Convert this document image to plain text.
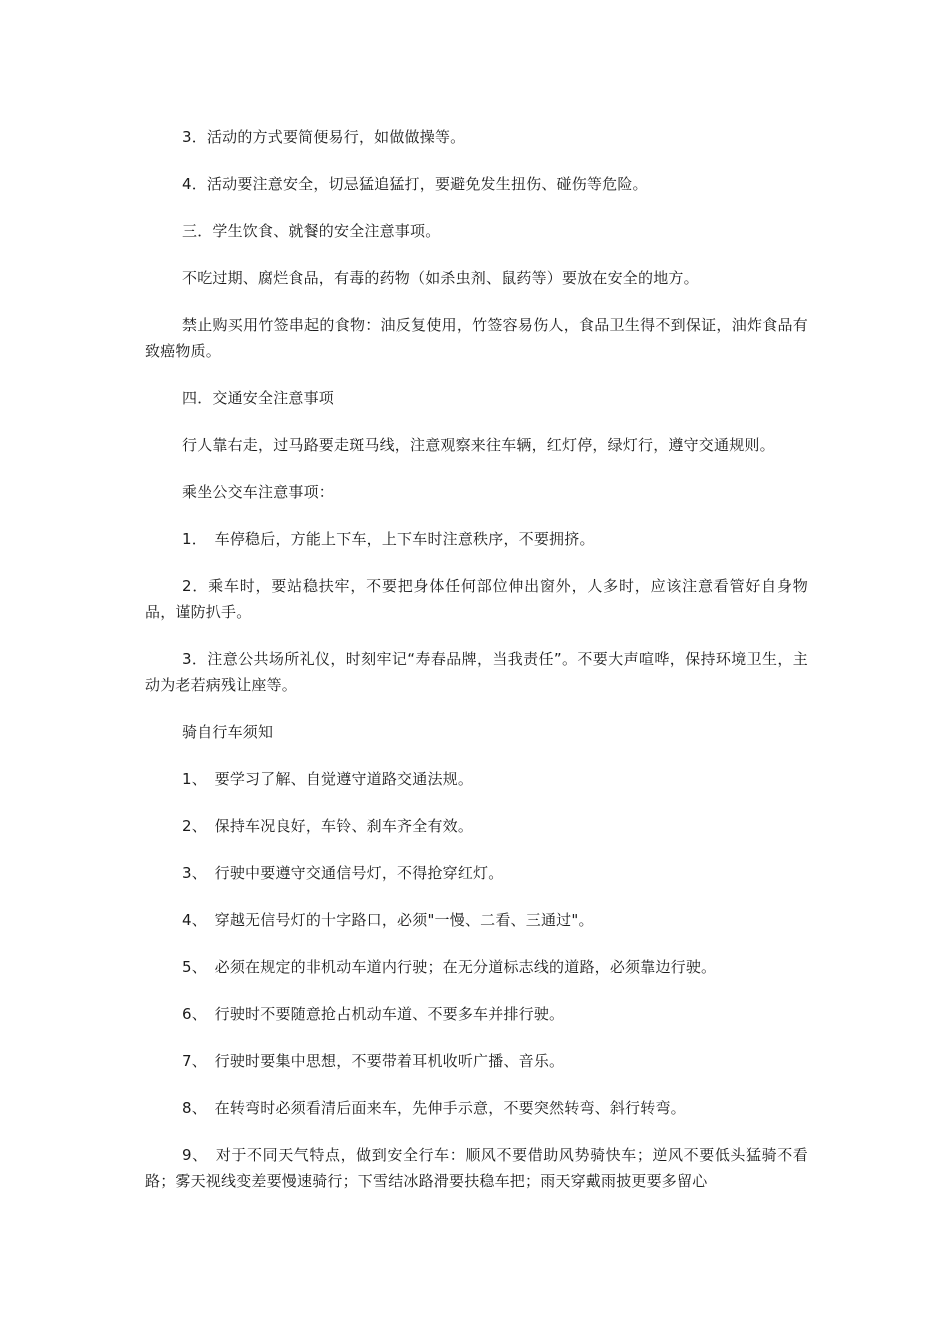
3．活动的方式要简便易行，如做做操等。

4．活动要注意安全，切忌猛追猛打，要避免发生扭伤、碰伤等危险。

三．学生饮食、就餐的安全注意事项。

不吃过期、腐烂食品，有毒的药物（如杀虫剂、鼠药等）要放在安全的地方。

禁止购买用竹签串起的食物：油反复使用，竹签容易伤人，食品卫生得不到保证，油炸食品有致癌物质。

四．交通安全注意事项

行人靠右走，过马路要走斑马线，注意观察来往车辆，红灯停，绿灯行，遵守交通规则。

乘坐公交车注意事项：

1．　车停稳后，方能上下车，上下车时注意秩序，不要拥挤。

2．乘车时，要站稳扶牢，不要把身体任何部位伸出窗外，人多时，应该注意看管好自身物品，谨防扒手。

3．注意公共场所礼仪，时刻牢记“寿春品牌，当我责任”。不要大声喧哗，保持环境卫生，主动为老若病残让座等。

骑自行车须知

1、　要学习了解、自觉遵守道路交通法规。

2、　保持车况良好，车铃、刹车齐全有效。

3、　行驶中要遵守交通信号灯，不得抢穿红灯。

4、　穿越无信号灯的十字路口，必须"一慢、二看、三通过"。

5、　必须在规定的非机动车道内行驶；在无分道标志线的道路，必须靠边行驶。

6、　行驶时不要随意抢占机动车道、不要多车并排行驶。

7、　行驶时要集中思想，不要带着耳机收听广播、音乐。

8、　在转弯时必须看清后面来车，先伸手示意，不要突然转弯、斜行转弯。

9、　对于不同天气特点，做到安全行车：顺风不要借助风势骑快车；逆风不要低头猛骑不看路；雾天视线变差要慢速骑行；下雪结冰路滑要扶稳车把；雨天穿戴雨披更要多留心
